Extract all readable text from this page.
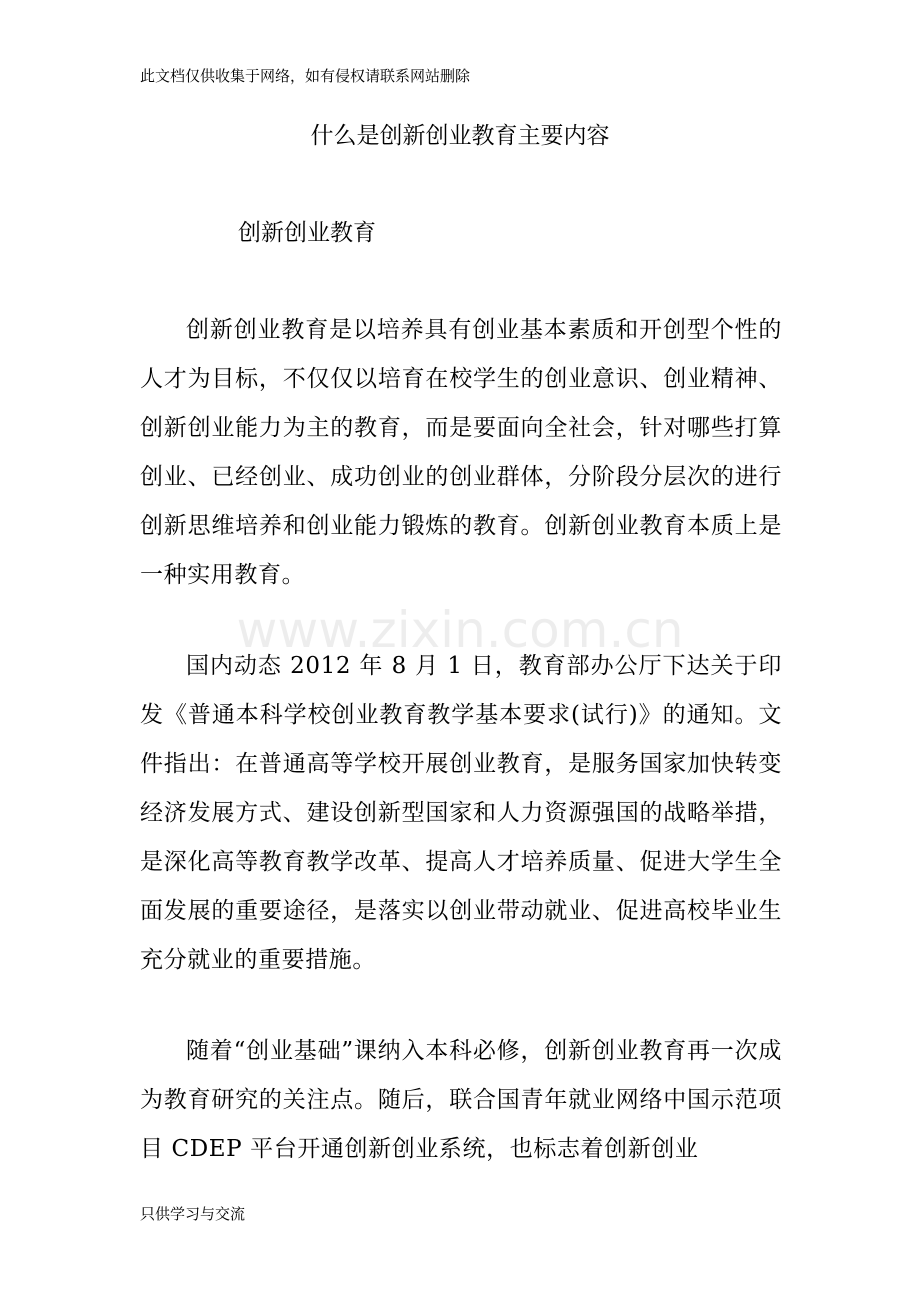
此文档仅供收集于网络，如有侵权请联系网站删除
什么是创新创业教育主要内容
创新创业教育

创新创业教育是以培养具有创业基本素质和开创型个性的人才为目标，不仅仅以培育在校学生的创业意识、创业精神、创新创业能力为主的教育，而是要面向全社会，针对哪些打算创业、已经创业、成功创业的创业群体，分阶段分层次的进行创新思维培养和创业能力锻炼的教育。创新创业教育本质上是一种实用教育。

国内动态 2012 年 8 月 1 日，教育部办公厅下达关于印发《普通本科学校创业教育教学基本要求(试行)》的通知。文件指出：在普通高等学校开展创业教育，是服务国家加快转变经济发展方式、建设创新型国家和人力资源强国的战略举措，是深化高等教育教学改革、提高人才培养质量、促进大学生全面发展的重要途径，是落实以创业带动就业、促进高校毕业生充分就业的重要措施。

随着“创业基础”课纳入本科必修，创新创业教育再一次成为教育研究的关注点。随后，联合国青年就业网络中国示范项目 CDEP 平台开通创新创业系统，也标志着创新创业

www.zixin.com.cn
只供学习与交流
